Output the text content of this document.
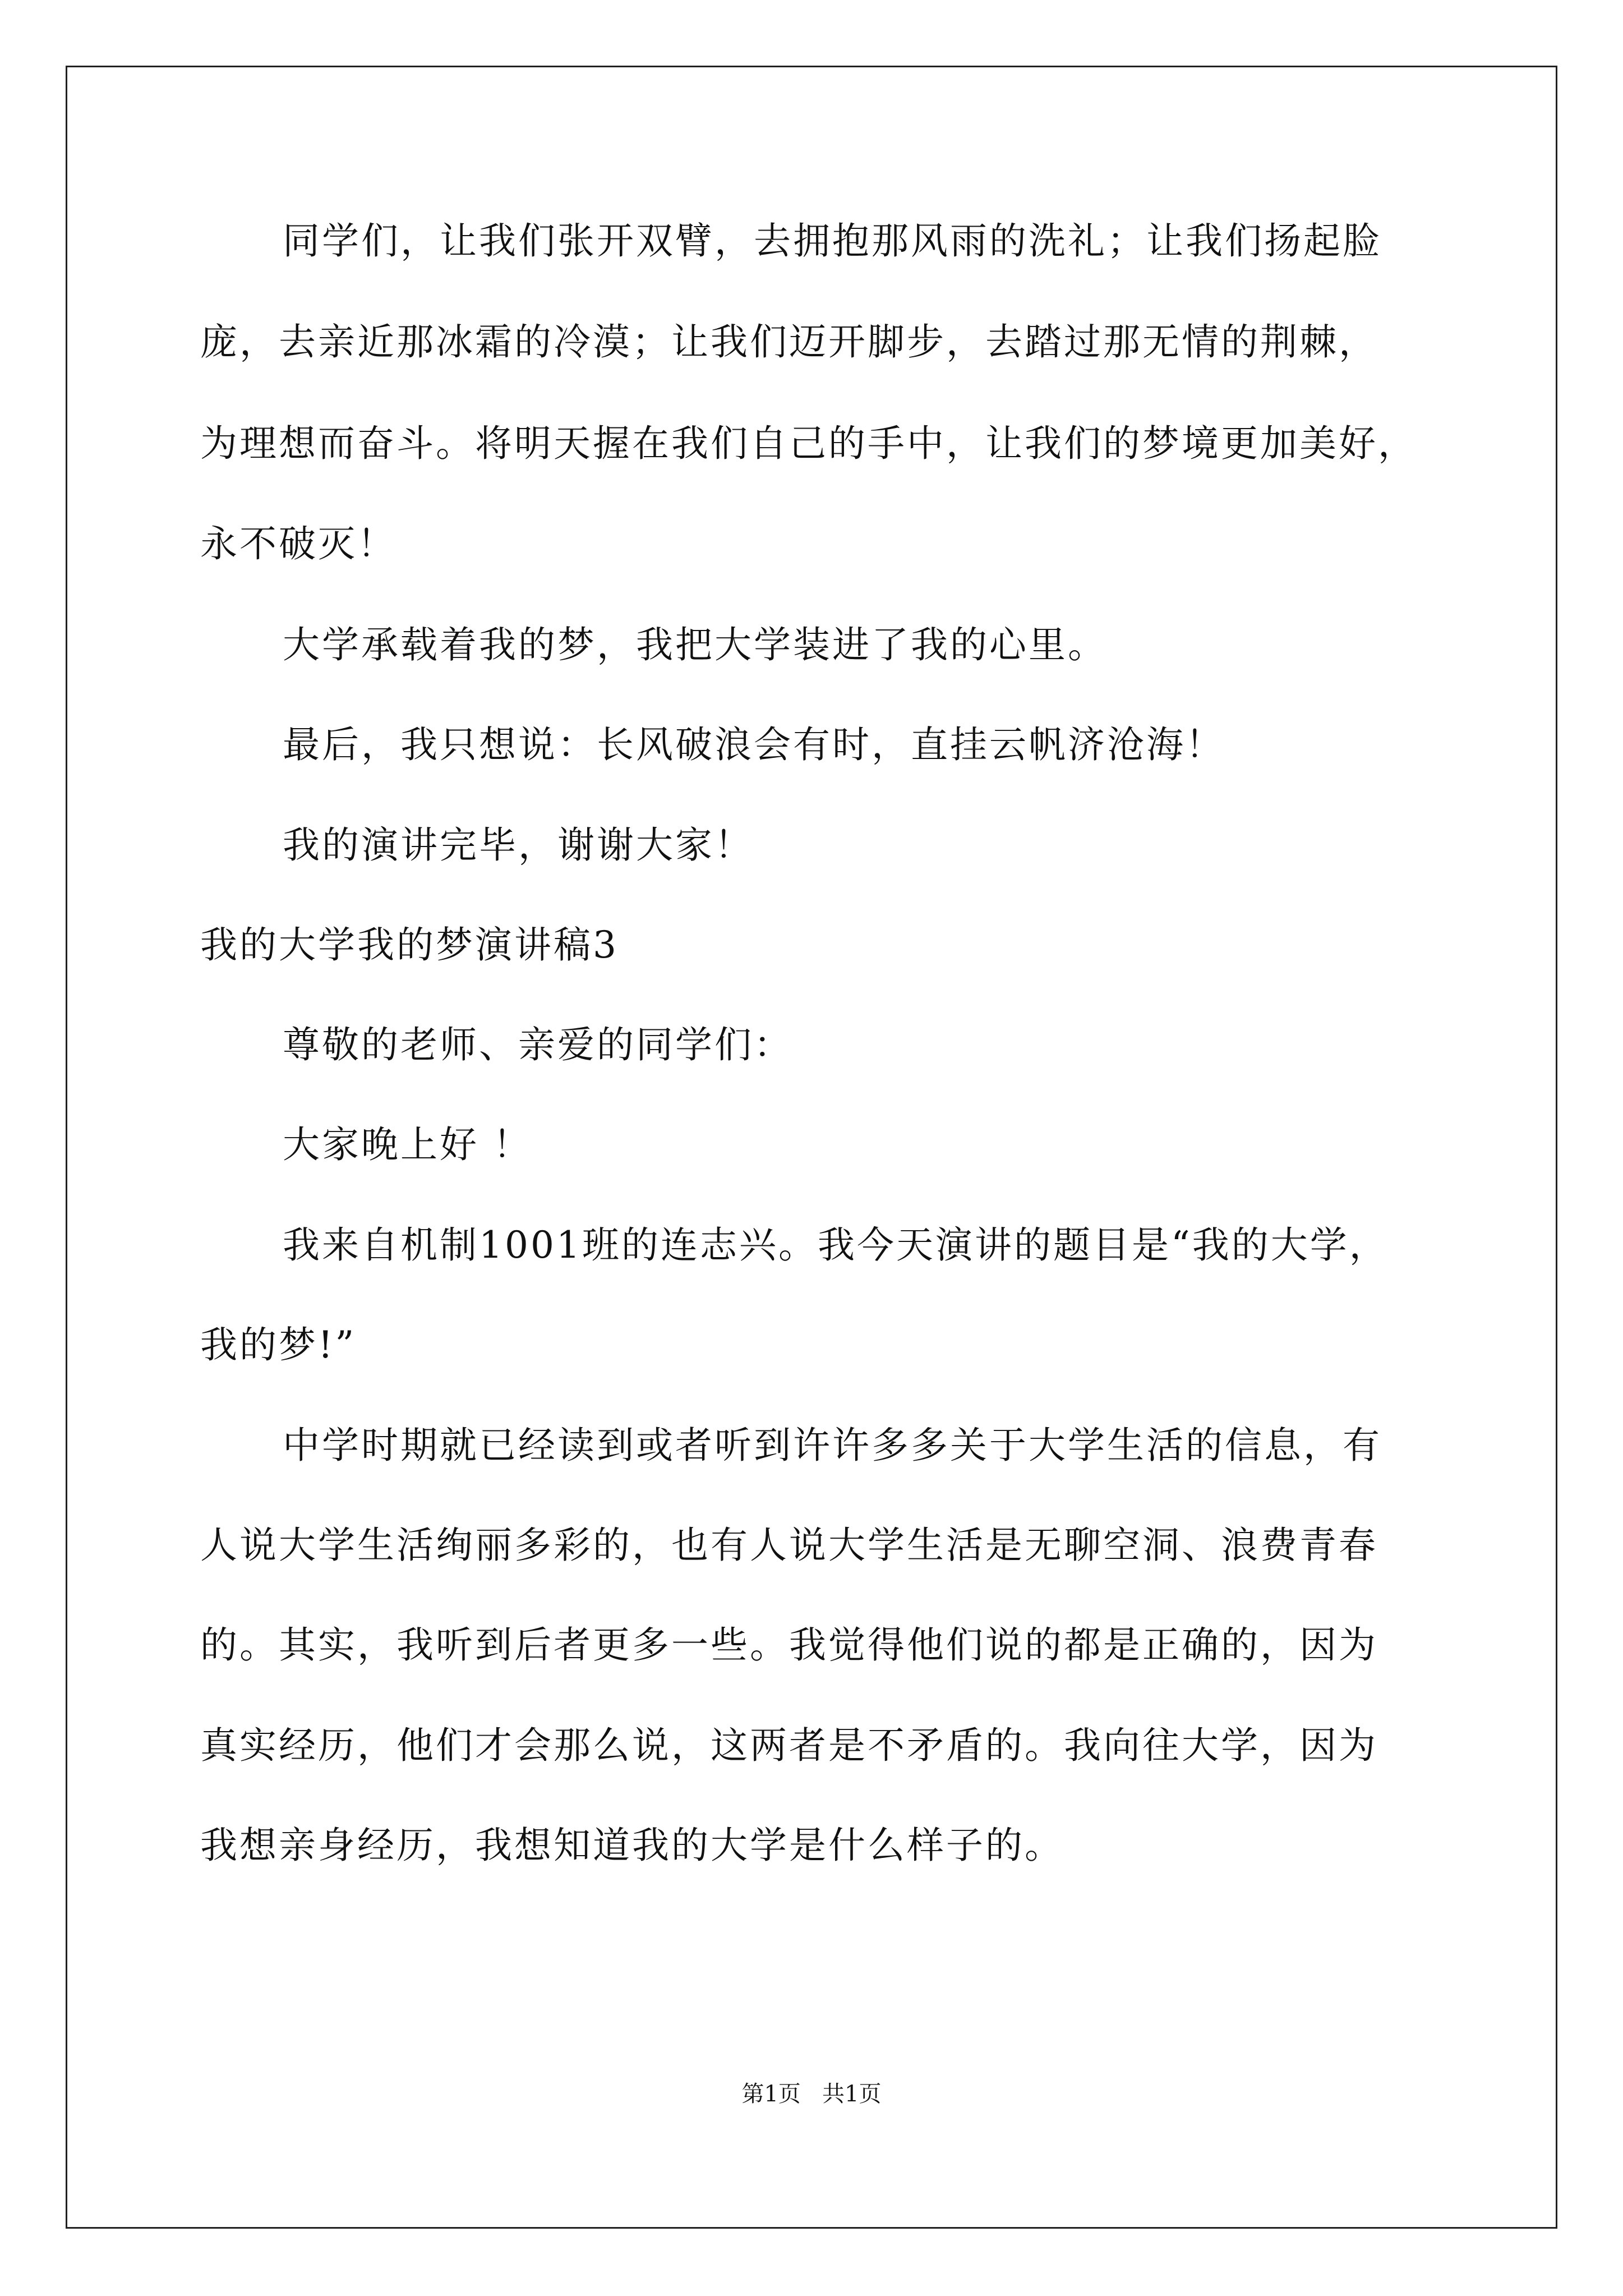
同学们，让我们张开双臂，去拥抱那风雨的洗礼；让我们扬起脸
庞，去亲近那冰霜的冷漠；让我们迈开脚步，去踏过那无情的荆棘，
为理想而奋斗。将明天握在我们自己的手中，让我们的梦境更加美好，
永不破灭！
大学承载着我的梦，我把大学装进了我的心里。
最后，我只想说：长风破浪会有时，直挂云帆济沧海！
我的演讲完毕，谢谢大家！
我的大学我的梦演讲稿3
尊敬的老师、亲爱的同学们：
大家晚上好 ！
我来自机制1001班的连志兴。我今天演讲的题目是“我的大学，
我的梦!”
中学时期就已经读到或者听到许许多多关于大学生活的信息，有
人说大学生活绚丽多彩的，也有人说大学生活是无聊空洞、浪费青春
的。其实，我听到后者更多一些。我觉得他们说的都是正确的，因为
真实经历，他们才会那么说，这两者是不矛盾的。我向往大学，因为
我想亲身经历，我想知道我的大学是什么样子的。
第1页   共1页
